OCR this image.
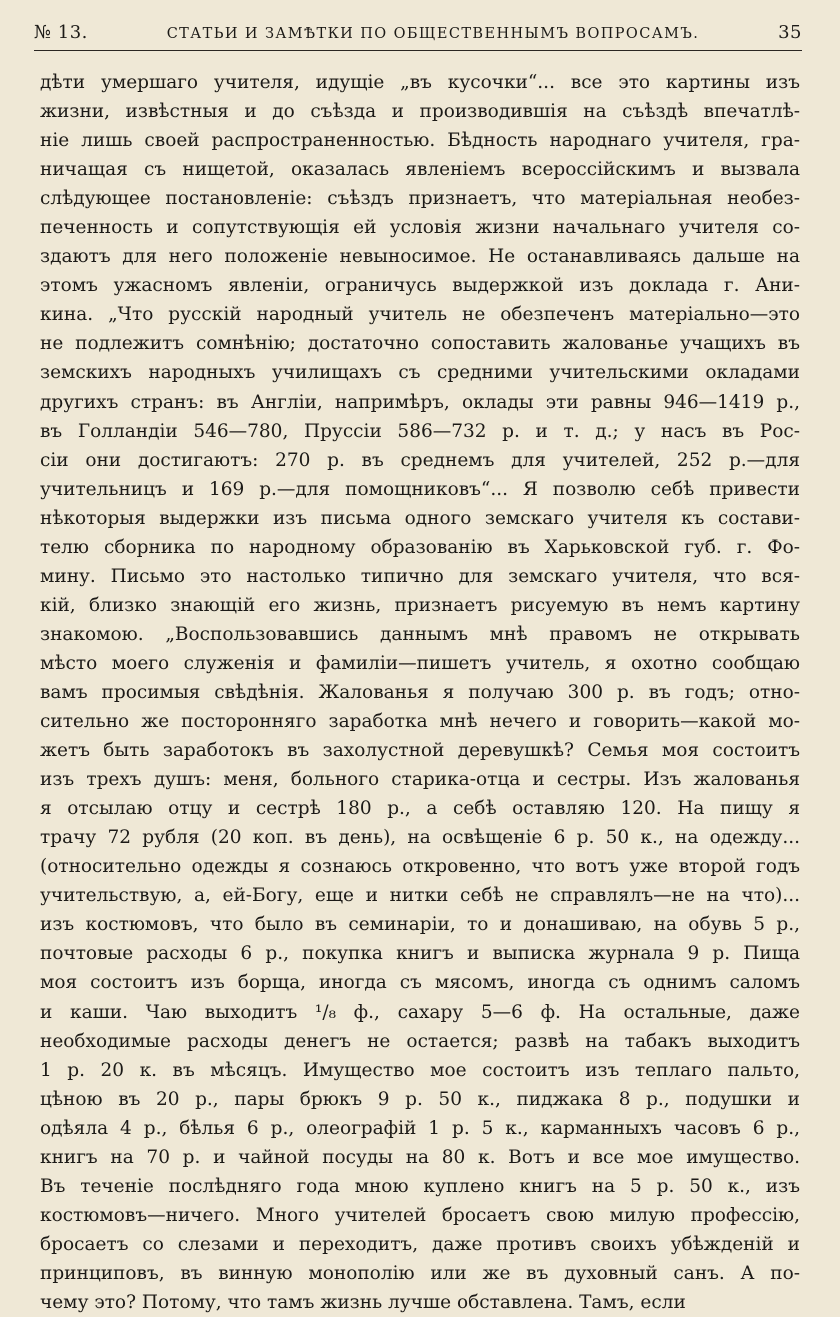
№ 13.	СТАТЬИ И ЗАМѢТКИ ПО ОБЩЕСТВЕННЫМЪ ВОПРОСАМЪ.	35
дѣти умершаго учителя, идущіе „въ кусочки“... все это картины изъ
жизни, извѣстныя и до съѣзда и производившія на съѣздѣ впечатлѣ-
ніе лишь своей распространенностью. Бѣдность народнаго учителя, гра-
ничащая съ нищетой, оказалась явленіемъ всероссійскимъ и вызвала
слѣдующее постановленіе: съѣздъ признаетъ, что матеріальная необез-
печенность и сопутствующія ей условія жизни начальнаго учителя со-
здаютъ для него положеніе невыносимое. Не останавливаясь дальше на
этомъ ужасномъ явленіи, ограничусь выдержкой изъ доклада г. Ани-
кина. „Что русскій народный учитель не обезпеченъ матеріально—это
не подлежитъ сомнѣнію; достаточно сопоставить жалованье учащихъ въ
земскихъ народныхъ училищахъ съ средними учительскими окладами
другихъ странъ: въ Англіи, напримѣръ, оклады эти равны 946—1419 р.,
въ Голландіи 546—780, Пруссіи 586—732 р. и т. д.; у насъ въ Рос-
сіи они достигаютъ: 270 р. въ среднемъ для учителей, 252 р.—для
учительницъ и 169 р.—для помощниковъ“... Я позволю себѣ привести
нѣкоторыя выдержки изъ письма одного земскаго учителя къ состави-
телю сборника по народному образованію въ Харьковской губ. г. Фо-
мину. Письмо это настолько типично для земскаго учителя, что вся-
кій, близко знающій его жизнь, признаетъ рисуемую въ немъ картину
знакомою. „Воспользовавшись даннымъ мнѣ правомъ не открывать
мѣсто моего служенія и фамиліи—пишетъ учитель, я охотно сообщаю
вамъ просимыя свѣдѣнія. Жалованья я получаю 300 р. въ годъ; отно-
сительно же посторонняго заработка мнѣ нечего и говорить—какой мо-
жетъ быть заработокъ въ захолустной деревушкѣ? Семья моя состоитъ
изъ трехъ душъ: меня, больного старика-отца и сестры. Изъ жалованья
я отсылаю отцу и сестрѣ 180 р., а себѣ оставляю 120. На пищу я
трачу 72 рубля (20 коп. въ день), на освѣщеніе 6 р. 50 к., на одежду...
(относительно одежды я сознаюсь откровенно, что вотъ уже второй годъ
учительствую, а, ей-Богу, еще и нитки себѣ не справлялъ—не на что)...
изъ костюмовъ, что было въ семинаріи, то и донашиваю, на обувь 5 р.,
почтовые расходы 6 р., покупка книгъ и выписка журнала 9 р. Пища
моя состоитъ изъ борща, иногда съ мясомъ, иногда съ однимъ саломъ
и каши. Чаю выходитъ ¹/₈ ф., сахару 5—6 ф. На остальные, даже
необходимые расходы денегъ не остается; развѣ на табакъ выходитъ
1 р. 20 к. въ мѣсяцъ. Имущество мое состоитъ изъ теплаго пальто,
цѣною въ 20 р., пары брюкъ 9 р. 50 к., пиджака 8 р., подушки и
одѣяла 4 р., бѣлья 6 р., олеографій 1 р. 5 к., карманныхъ часовъ 6 р.,
книгъ на 70 р. и чайной посуды на 80 к. Вотъ и все мое имущество.
Въ теченіе послѣдняго года мною куплено книгъ на 5 р. 50 к., изъ
костюмовъ—ничего. Много учителей бросаетъ свою милую профессію,
бросаетъ со слезами и переходитъ, даже противъ своихъ убѣжденій и
принциповъ, въ винную монополію или же въ духовный санъ. А по-
чему это? Потому, что тамъ жизнь лучше обставлена. Тамъ, если
